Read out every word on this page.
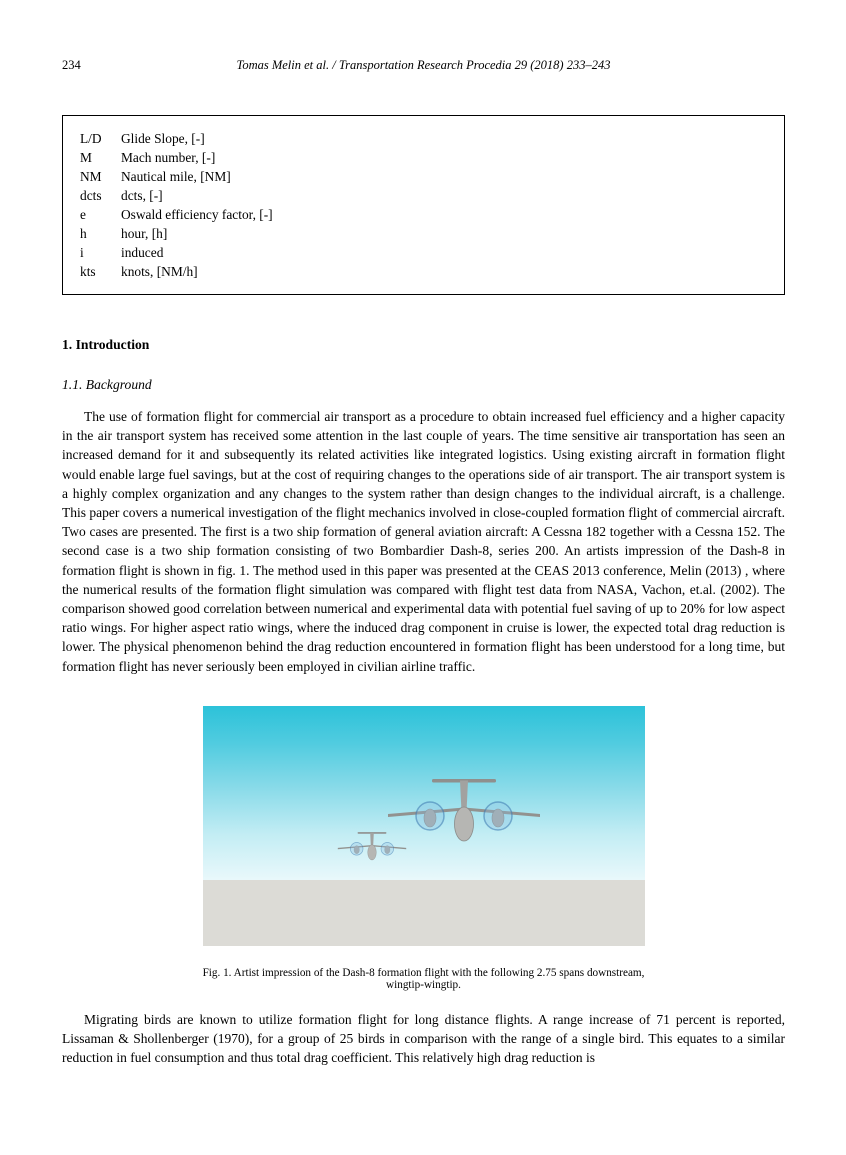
234	Tomas Melin et al. / Transportation Research Procedia 29 (2018) 233–243
L/D	Glide Slope, [-]
M	Mach number, [-]
NM	Nautical mile, [NM]
dcts	dcts, [-]
e	Oswald efficiency factor, [-]
h	hour, [h]
i	induced
kts	knots, [NM/h]
1. Introduction
1.1. Background

The use of formation flight for commercial air transport as a procedure to obtain increased fuel efficiency and a higher capacity in the air transport system has received some attention in the last couple of years. The time sensitive air transportation has seen an increased demand for it and subsequently its related activities like integrated logistics. Using existing aircraft in formation flight would enable large fuel savings, but at the cost of requiring changes to the operations side of air transport. The air transport system is a highly complex organization and any changes to the system rather than design changes to the individual aircraft, is a challenge. This paper covers a numerical investigation of the flight mechanics involved in close-coupled formation flight of commercial aircraft. Two cases are presented. The first is a two ship formation of general aviation aircraft: A Cessna 182 together with a Cessna 152. The second case is a two ship formation consisting of two Bombardier Dash-8, series 200. An artists impression of the Dash-8 in formation flight is shown in fig. 1. The method used in this paper was presented at the CEAS 2013 conference, Melin (2013) , where the numerical results of the formation flight simulation was compared with flight test data from NASA, Vachon, et.al. (2002). The comparison showed good correlation between numerical and experimental data with potential fuel saving of up to 20% for low aspect ratio wings. For higher aspect ratio wings, where the induced drag component in cruise is lower, the expected total drag reduction is lower. The physical phenomenon behind the drag reduction encountered in formation flight has been understood for a long time, but formation flight has never seriously been employed in civilian airline traffic.

Fig. 1. Artist impression of the Dash-8 formation flight with the following 2.75 spans downstream, wingtip-wingtip.

Migrating birds are known to utilize formation flight for long distance flights. A range increase of 71 percent is reported, Lissaman & Shollenberger (1970), for a group of 25 birds in comparison with the range of a single bird. This equates to a similar reduction in fuel consumption and thus total drag coefficient. This relatively high drag reduction is
